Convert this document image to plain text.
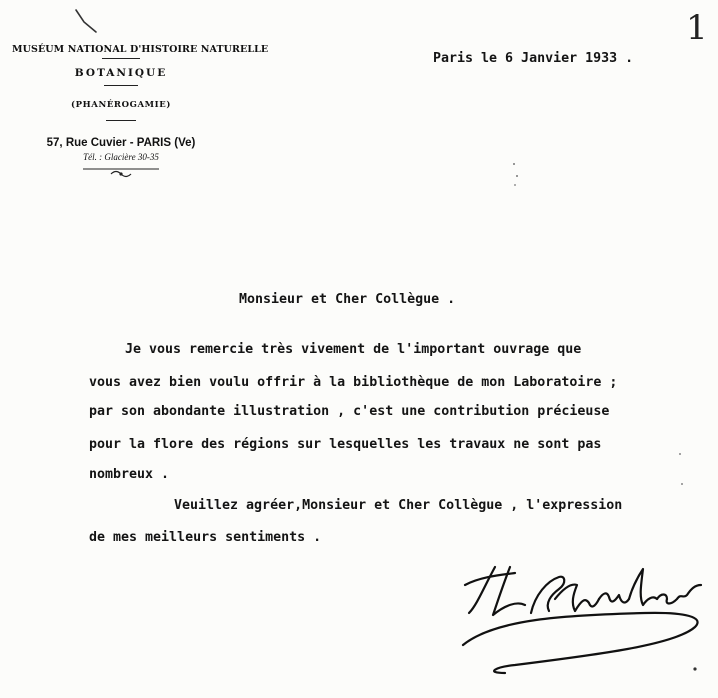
1
MUSÉUM NATIONAL D'HISTOIRE NATURELLE
BOTANIQUE
(PHANÉROGAMIE)
57, Rue Cuvier - PARIS (Ve)
Tél. : Glacière 30-35
Paris le 6 Janvier 1933 .
Monsieur et Cher Collègue .
Je vous remercie très vivement de l'important ouvrage que
vous avez bien voulu offrir à la bibliothèque de mon Laboratoire ;
par son abondante illustration , c'est une contribution précieuse
pour la flore des régions sur lesquelles les travaux ne sont pas
nombreux .
Veuillez agréer,Monsieur et Cher Collègue , l'expression
de mes meilleurs sentiments .
